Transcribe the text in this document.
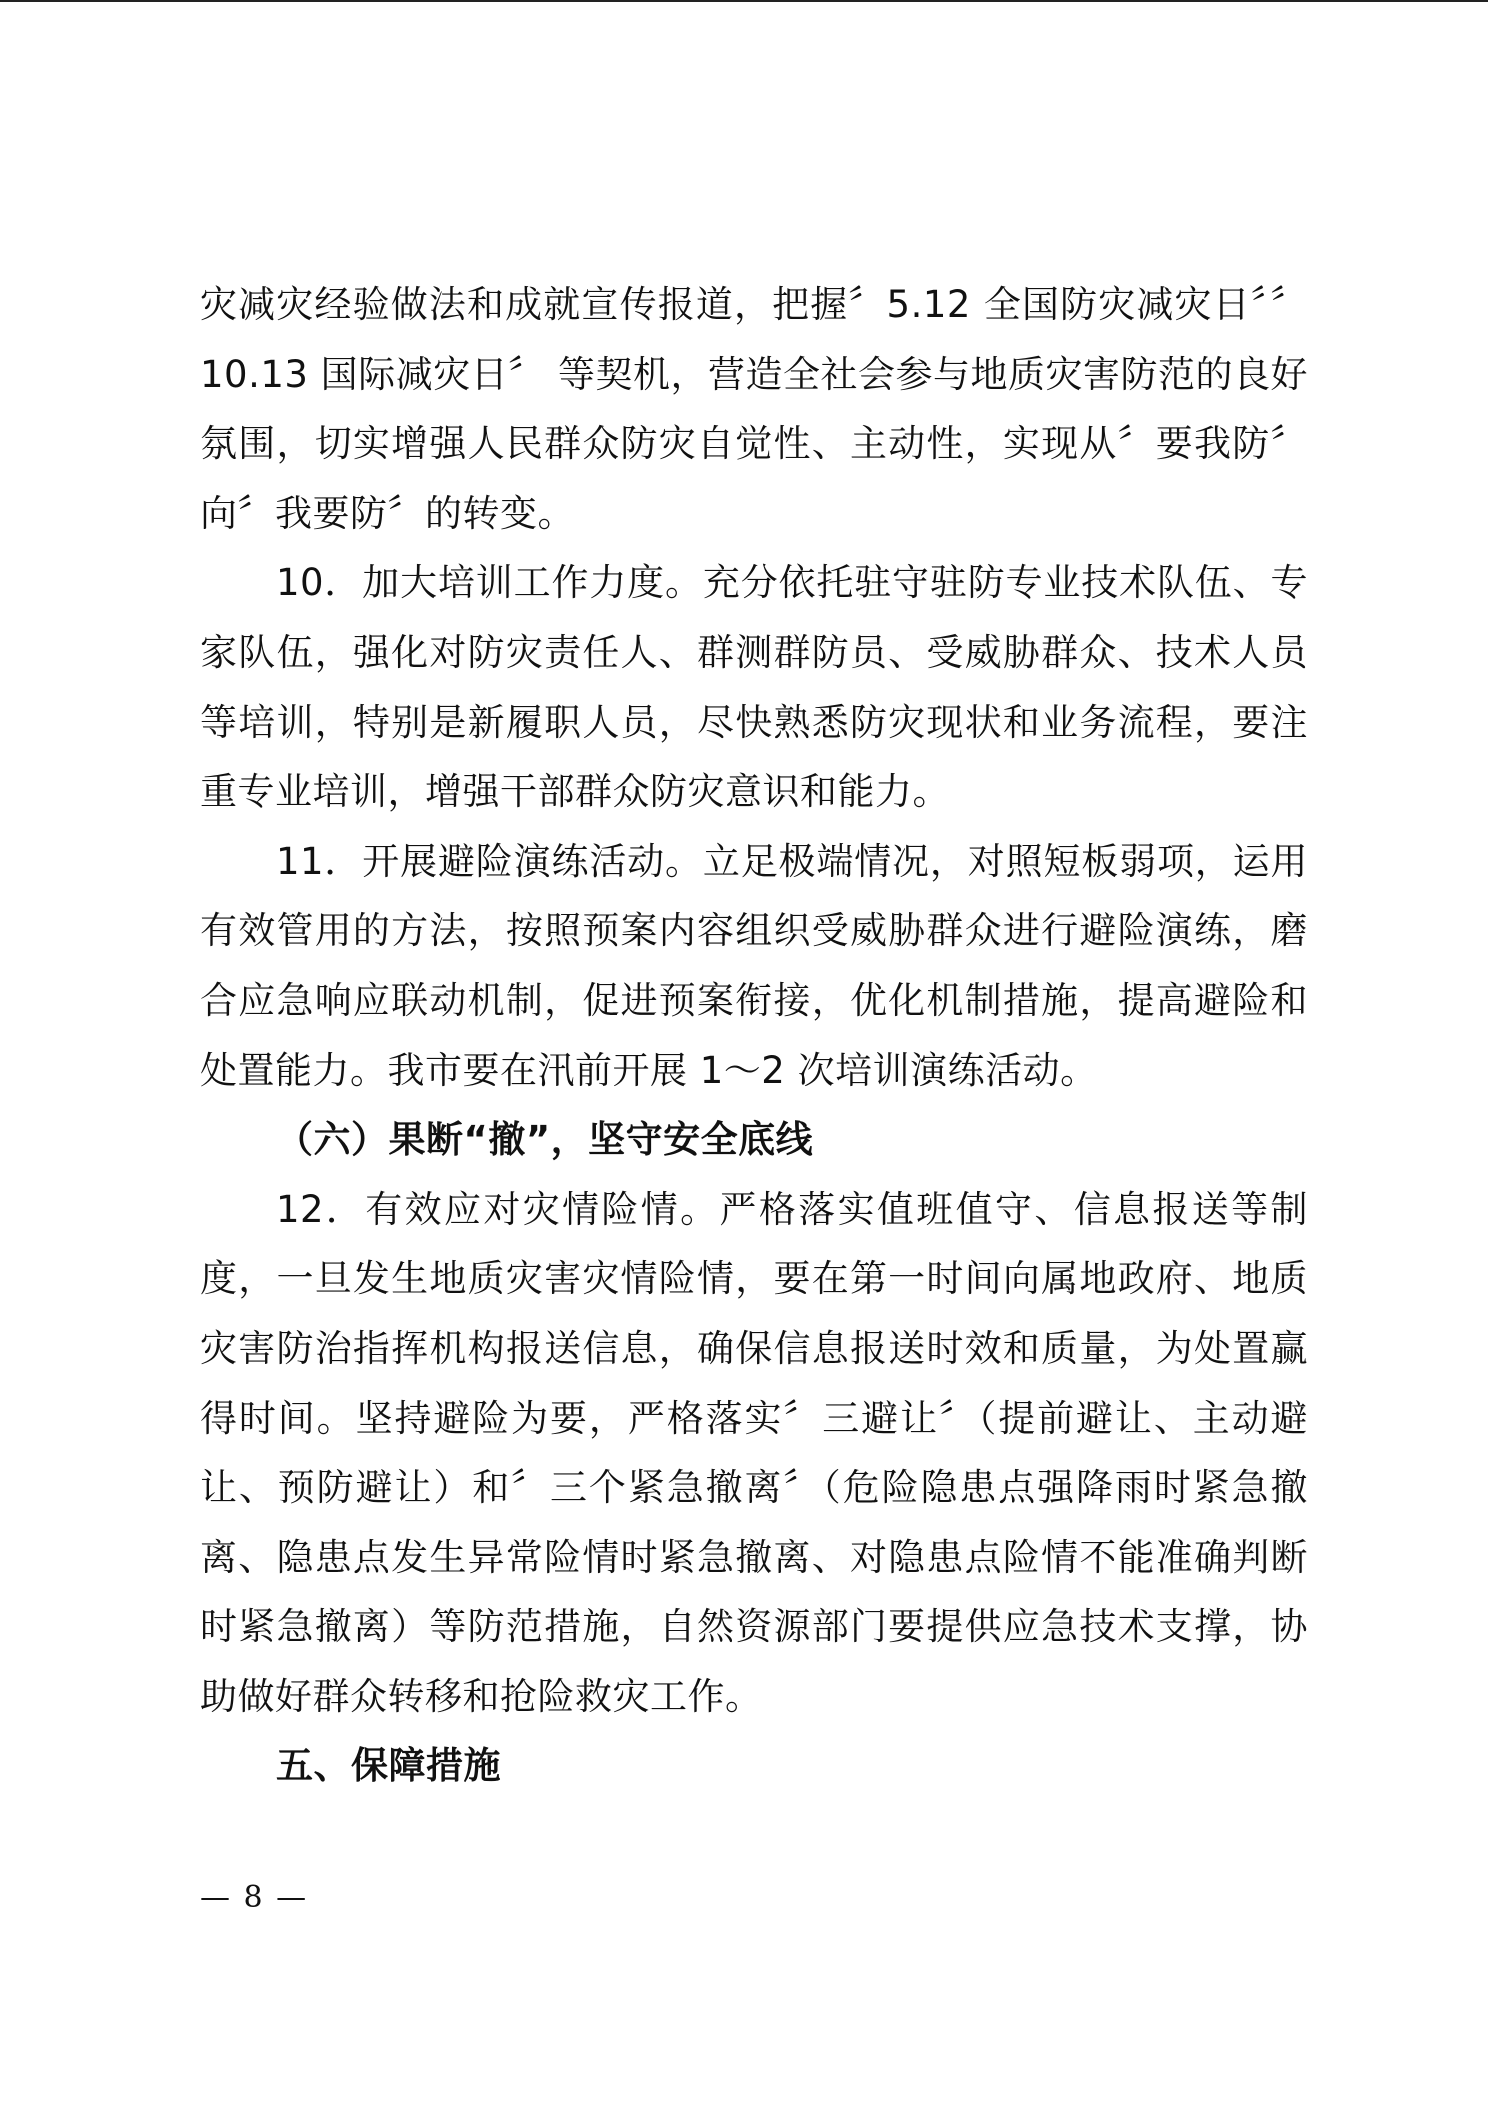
灾减灾经验做法和成就宣传报道，把握〞5.12 全国防灾减灾日〞〞10.13 国际减灾日〞 等契机，营造全社会参与地质灾害防范的良好氛围，切实增强人民群众防灾自觉性、主动性，实现从〞要我防〞向〞我要防〞的转变。

10．加大培训工作力度。充分依托驻守驻防专业技术队伍、专家队伍，强化对防灾责任人、群测群防员、受威胁群众、技术人员等培训，特别是新履职人员，尽快熟悉防灾现状和业务流程，要注重专业培训，增强干部群众防灾意识和能力。

11．开展避险演练活动。立足极端情况，对照短板弱项，运用有效管用的方法，按照预案内容组织受威胁群众进行避险演练，磨合应急响应联动机制，促进预案衔接，优化机制措施，提高避险和处置能力。我市要在汛前开展 1～2 次培训演练活动。

（六）果断“撤”，坚守安全底线

12．有效应对灾情险情。严格落实值班值守、信息报送等制度，一旦发生地质灾害灾情险情，要在第一时间向属地政府、地质灾害防治指挥机构报送信息，确保信息报送时效和质量，为处置赢得时间。坚持避险为要，严格落实〞三避让〞（提前避让、主动避让、预防避让）和〞三个紧急撤离〞（危险隐患点强降雨时紧急撤离、隐患点发生异常险情时紧急撤离、对隐患点险情不能准确判断时紧急撤离）等防范措施，自然资源部门要提供应急技术支撑，协助做好群众转移和抢险救灾工作。

五、保障措施

— 8 —
